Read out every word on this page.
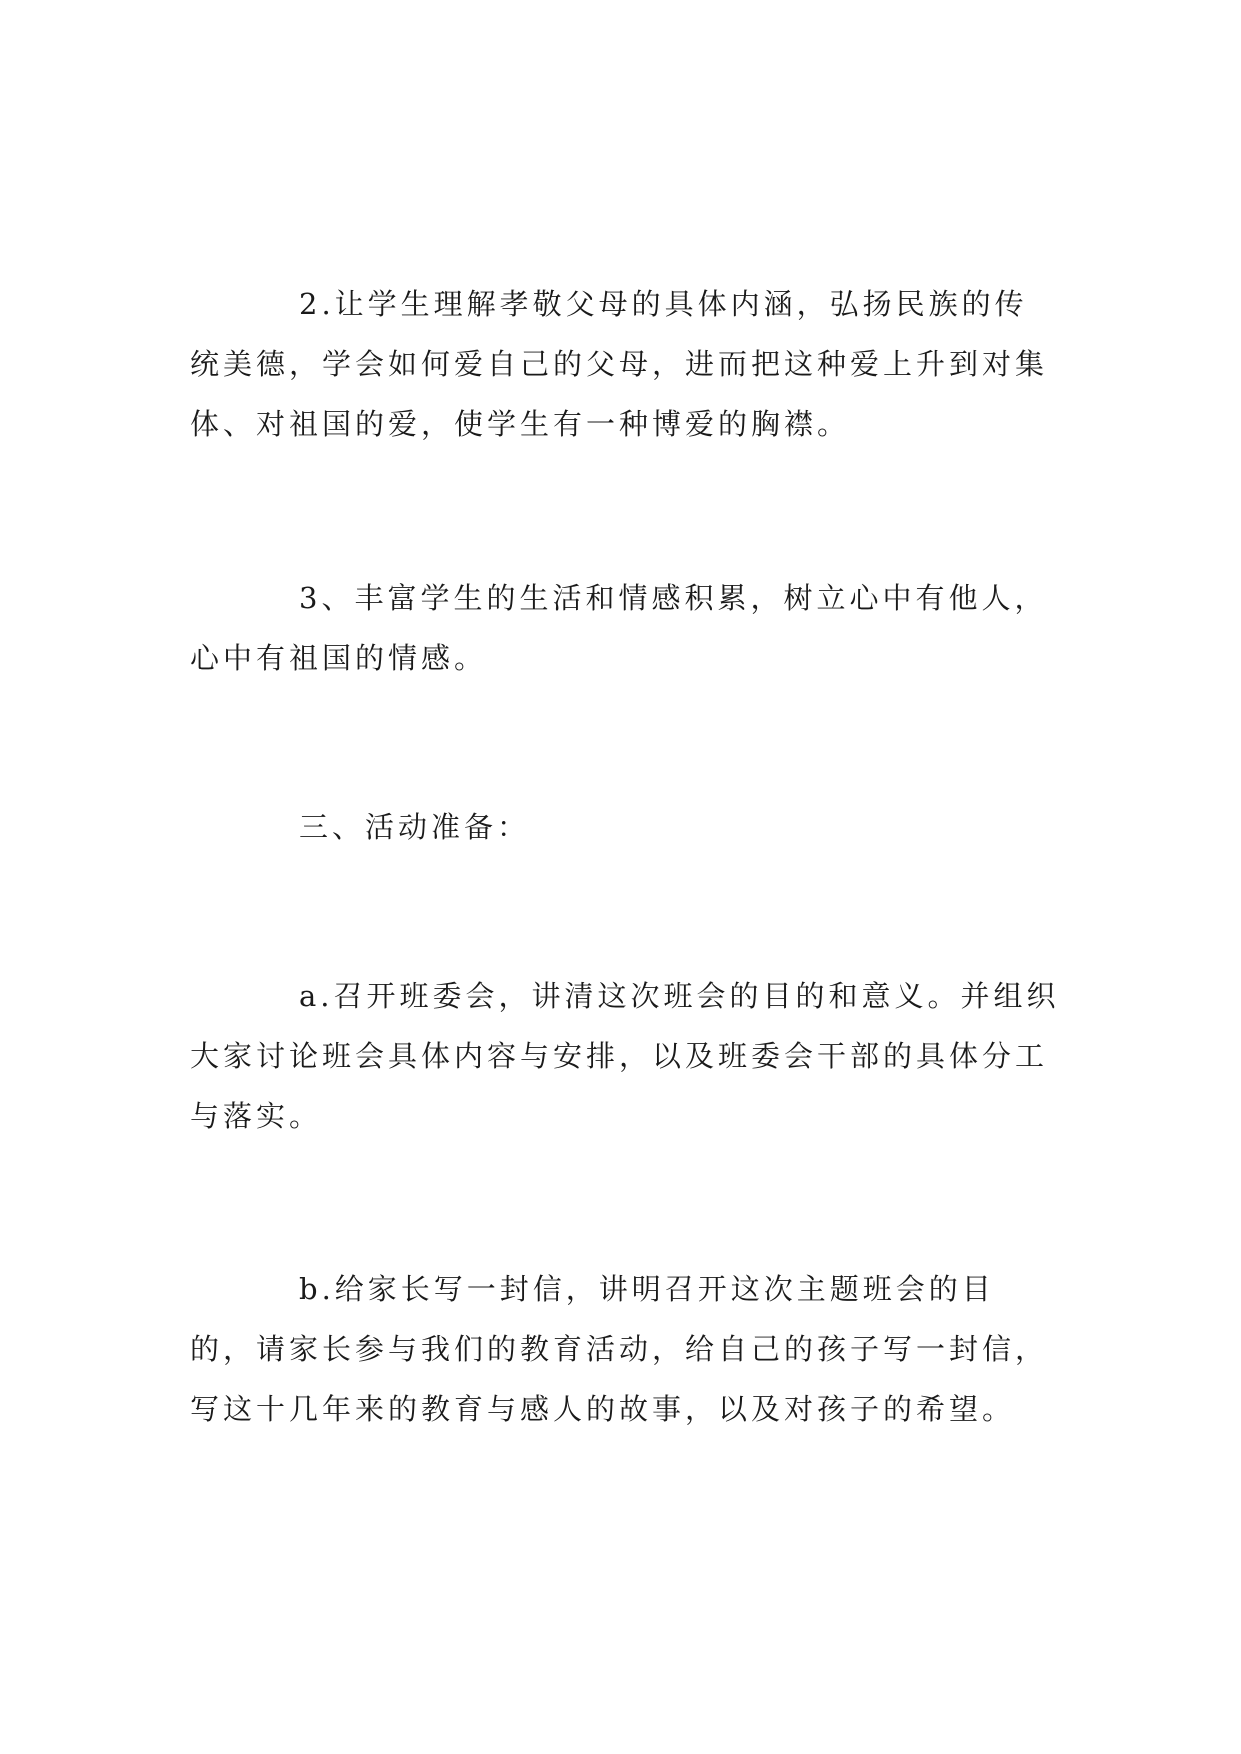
2.让学生理解孝敬父母的具体内涵，弘扬民族的传统美德，学会如何爱自己的父母，进而把这种爱上升到对集体、对祖国的爱，使学生有一种博爱的胸襟。

3、丰富学生的生活和情感积累，树立心中有他人，心中有祖国的情感。

三、活动准备：

a.召开班委会，讲清这次班会的目的和意义。并组织大家讨论班会具体内容与安排，以及班委会干部的具体分工与落实。

b.给家长写一封信，讲明召开这次主题班会的目的，请家长参与我们的教育活动，给自己的孩子写一封信，写这十几年来的教育与感人的故事，以及对孩子的希望。
